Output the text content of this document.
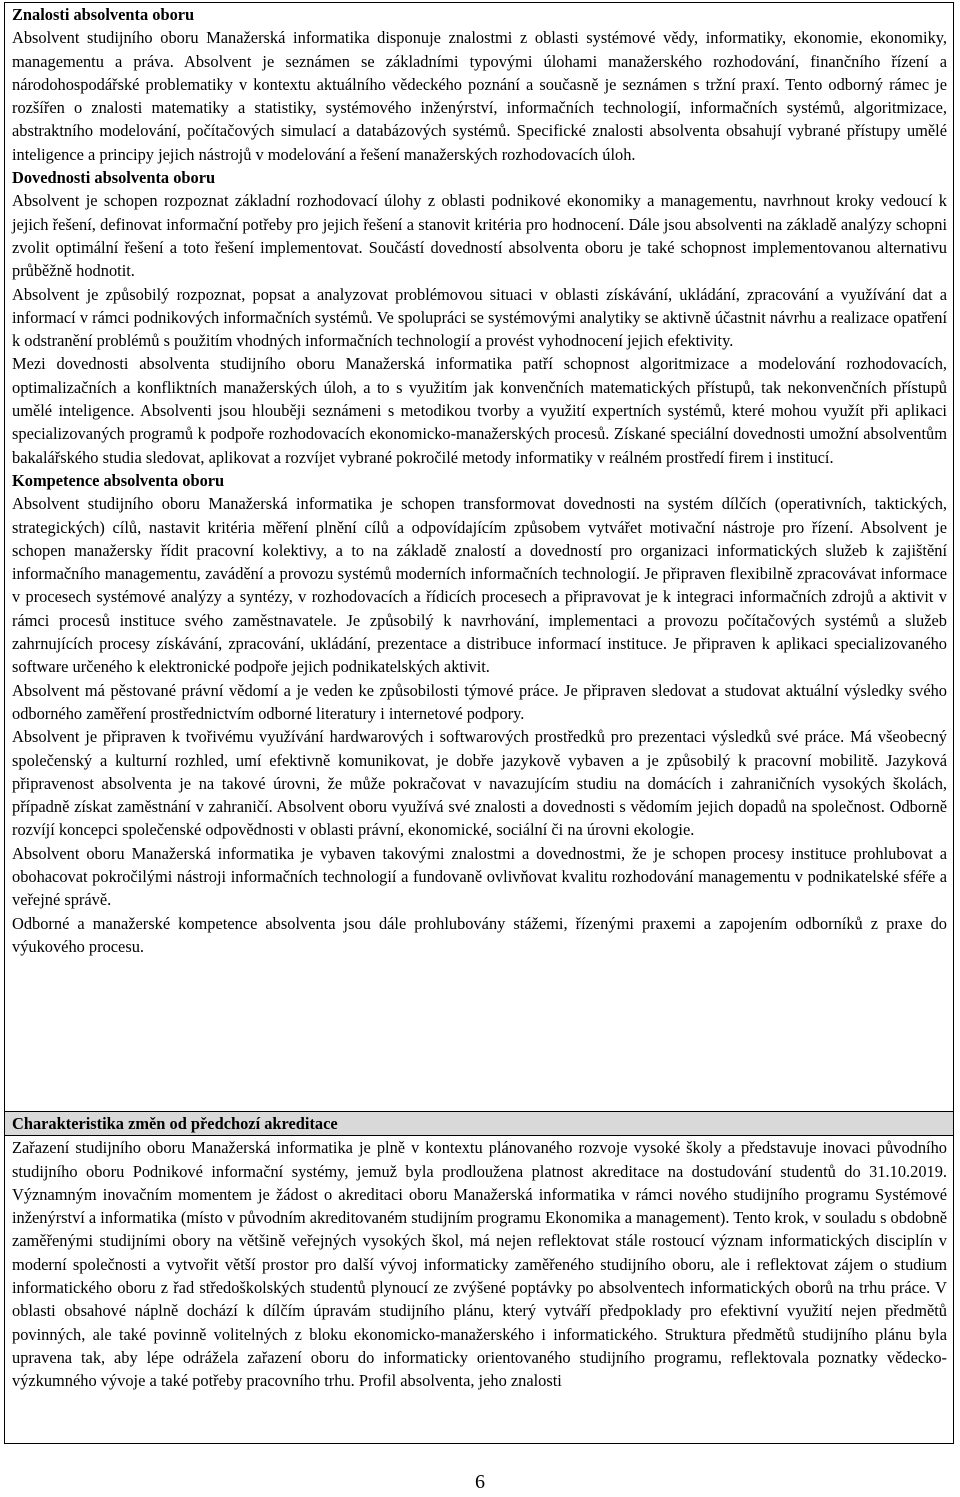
Znalosti absolventa oboru

Absolvent studijního oboru Manažerská informatika disponuje znalostmi z oblasti systémové vědy, informatiky, ekonomie, ekonomiky, managementu a práva. Absolvent je seznámen se základními typovými úlohami manažerského rozhodování, finančního řízení a národohospodářské problematiky v kontextu aktuálního vědeckého poznání a současně je seznámen s tržní praxí. Tento odborný rámec je rozšířen o znalosti matematiky a statistiky, systémového inženýrství, informačních technologií, informačních systémů, algoritmizace, abstraktního modelování, počítačových simulací a databázových systémů. Specifické znalosti absolventa obsahují vybrané přístupy umělé inteligence a principy jejich nástrojů v modelování a řešení manažerských rozhodovacích úloh.

Dovednosti absolventa oboru

Absolvent je schopen rozpoznat základní rozhodovací úlohy z oblasti podnikové ekonomiky a managementu, navrhnout kroky vedoucí k jejich řešení, definovat informační potřeby pro jejich řešení a stanovit kritéria pro hodnocení. Dále jsou absolventi na základě analýzy schopni zvolit optimální řešení a toto řešení implementovat. Součástí dovedností absolventa oboru je také schopnost implementovanou alternativu průběžně hodnotit.

Absolvent je způsobilý rozpoznat, popsat a analyzovat problémovou situaci v oblasti získávání, ukládání, zpracování a využívání dat a informací v rámci podnikových informačních systémů. Ve spolupráci se systémovými analytiky se aktivně účastnit návrhu a realizace opatření k odstranění problémů s použitím vhodných informačních technologií a provést vyhodnocení jejich efektivity.

Mezi dovednosti absolventa studijního oboru Manažerská informatika patří schopnost algoritmizace a modelování rozhodovacích, optimalizačních a konfliktních manažerských úloh, a to s využitím jak konvenčních matematických přístupů, tak nekonvenčních přístupů umělé inteligence. Absolventi jsou hlouběji seznámeni s metodikou tvorby a využití expertních systémů, které mohou využít při aplikaci specializovaných programů k podpoře rozhodovacích ekonomicko-manažerských procesů. Získané speciální dovednosti umožní absolventům bakalářského studia sledovat, aplikovat a rozvíjet vybrané pokročilé metody informatiky v reálném prostředí firem i institucí.

Kompetence absolventa oboru

Absolvent studijního oboru Manažerská informatika je schopen transformovat dovednosti na systém dílčích (operativních, taktických, strategických) cílů, nastavit kritéria měření plnění cílů a odpovídajícím způsobem vytvářet motivační nástroje pro řízení. Absolvent je schopen manažersky řídit pracovní kolektivy, a to na základě znalostí a dovedností pro organizaci informatických služeb k zajištění informačního managementu, zavádění a provozu systémů moderních informačních technologií. Je připraven flexibilně zpracovávat informace v procesech systémové analýzy a syntézy, v rozhodovacích a řídicích procesech a připravovat je k integraci informačních zdrojů a aktivit v rámci procesů instituce svého zaměstnavatele. Je způsobilý k navrhování, implementaci a provozu počítačových systémů a služeb zahrnujících procesy získávání, zpracování, ukládání, prezentace a distribuce informací instituce. Je připraven k aplikaci specializovaného software určeného k elektronické podpoře jejich podnikatelských aktivit.

Absolvent má pěstované právní vědomí a je veden ke způsobilosti týmové práce. Je připraven sledovat a studovat aktuální výsledky svého odborného zaměření prostřednictvím odborné literatury i internetové podpory.

Absolvent je připraven k tvořivému využívání hardwarových i softwarových prostředků pro prezentaci výsledků své práce. Má všeobecný společenský a kulturní rozhled, umí efektivně komunikovat, je dobře jazykově vybaven a je způsobilý k pracovní mobilitě. Jazyková připravenost absolventa je na takové úrovni, že může pokračovat v navazujícím studiu na domácích i zahraničních vysokých školách, případně získat zaměstnání v zahraničí. Absolvent oboru využívá své znalosti a dovednosti s vědomím jejich dopadů na společnost. Odborně rozvíjí koncepci společenské odpovědnosti v oblasti právní, ekonomické, sociální či na úrovni ekologie.

Absolvent oboru Manažerská informatika je vybaven takovými znalostmi a dovednostmi, že je schopen procesy instituce prohlubovat a obohacovat pokročilými nástroji informačních technologií a fundovaně ovlivňovat kvalitu rozhodování managementu v podnikatelské sféře a veřejné správě.

Odborné a manažerské kompetence absolventa jsou dále prohlubovány stážemi, řízenými praxemi a zapojením odborníků z praxe do výukového procesu.

Charakteristika změn od předchozí akreditace

Zařazení studijního oboru Manažerská informatika je plně v kontextu plánovaného rozvoje vysoké školy a představuje inovaci původního studijního oboru Podnikové informační systémy, jemuž byla prodloužena platnost akreditace na dostudování studentů do 31.10.2019. Významným inovačním momentem je žádost o akreditaci oboru Manažerská informatika v rámci nového studijního programu Systémové inženýrství a informatika (místo v původním akreditovaném studijním programu Ekonomika a management). Tento krok, v souladu s obdobně zaměřenými studijními obory na většině veřejných vysokých škol, má nejen reflektovat stále rostoucí význam informatických disciplín v moderní společnosti a vytvořit větší prostor pro další vývoj informaticky zaměřeného studijního oboru, ale i reflektovat zájem o studium informatického oboru z řad středoškolských studentů plynoucí ze zvýšené poptávky po absolventech informatických oborů na trhu práce. V oblasti obsahové náplně dochází k dílčím úpravám studijního plánu, který vytváří předpoklady pro efektivní využití nejen předmětů povinných, ale také povinně volitelných z bloku ekonomicko-manažerského i informatického. Struktura předmětů studijního plánu byla upravena tak, aby lépe odrážela zařazení oboru do informaticky orientovaného studijního programu, reflektovala poznatky vědecko-výzkumného vývoje a také potřeby pracovního trhu. Profil absolventa, jeho znalosti

6
